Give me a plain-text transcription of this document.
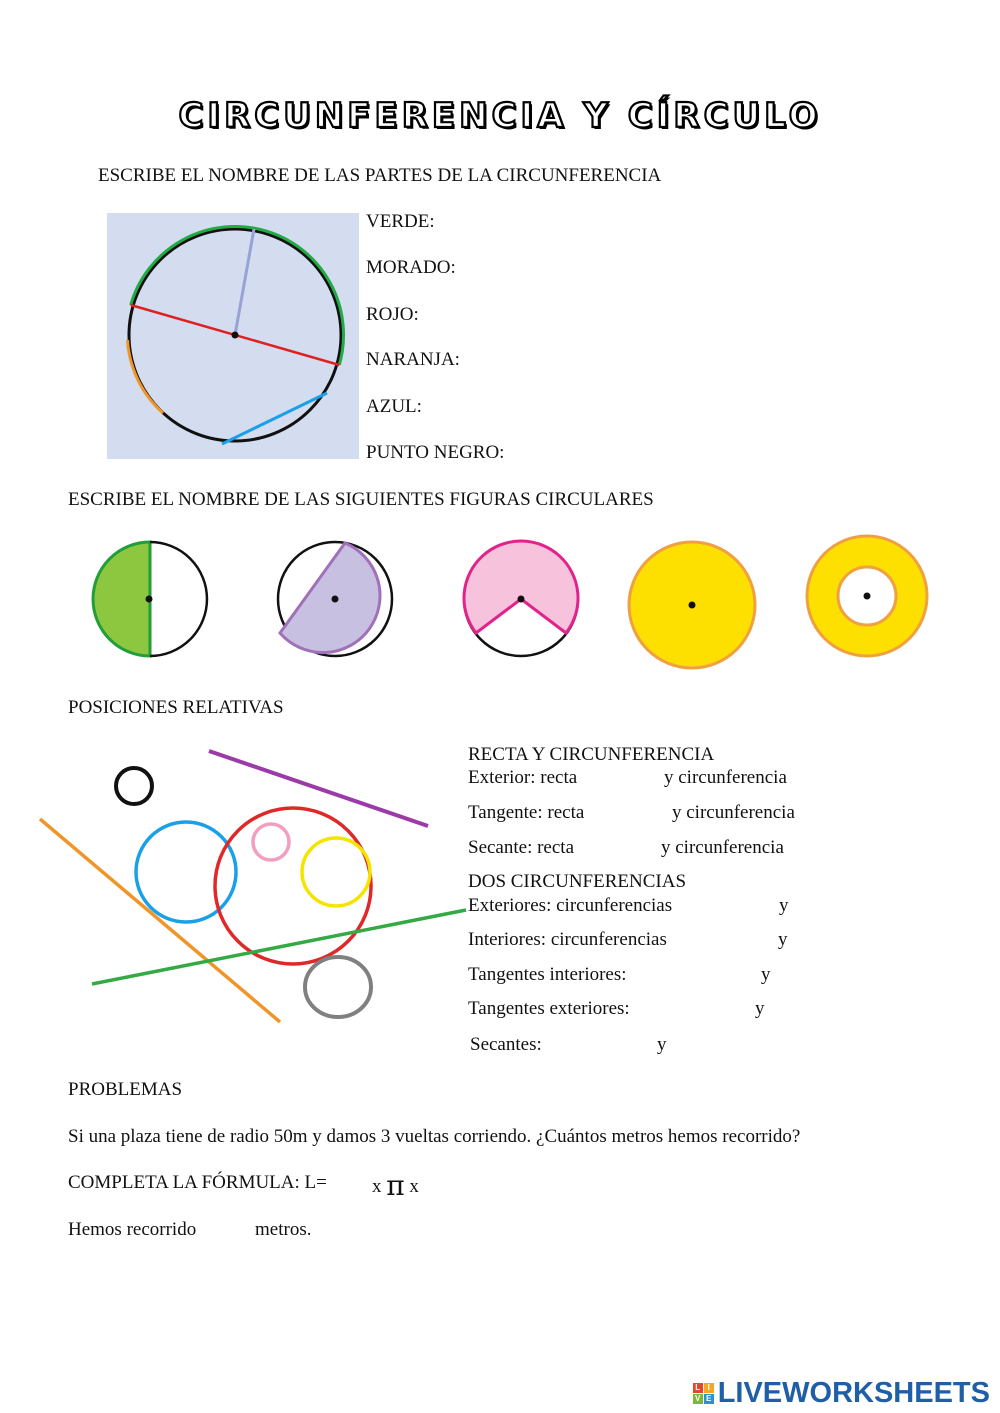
CIRCUNFERENCIA Y CÍRCULO
ESCRIBE EL NOMBRE DE LAS PARTES DE LA CIRCUNFERENCIA
VERDE:
MORADO:
ROJO:
NARANJA:
AZUL:
PUNTO NEGRO:
ESCRIBE EL NOMBRE DE LAS SIGUIENTES FIGURAS CIRCULARES
POSICIONES RELATIVAS
RECTA Y CIRCUNFERENCIA
Exterior: recta	y circunferencia
Tangente: recta	y circunferencia
Secante: recta	y circunferencia
DOS CIRCUNFERENCIAS
Exteriores: circunferencias	y
Interiores: circunferencias	y
Tangentes interiores:	y
Tangentes exteriores:	y
Secantes:	y
PROBLEMAS
Si una plaza tiene de radio 50m y damos 3 vueltas corriendo. ¿Cuántos metros hemos recorrido?
COMPLETA LA FÓRMULA: L= x π x
Hemos recorrido	metros.
L I
V E LIVEWORKSHEETS
